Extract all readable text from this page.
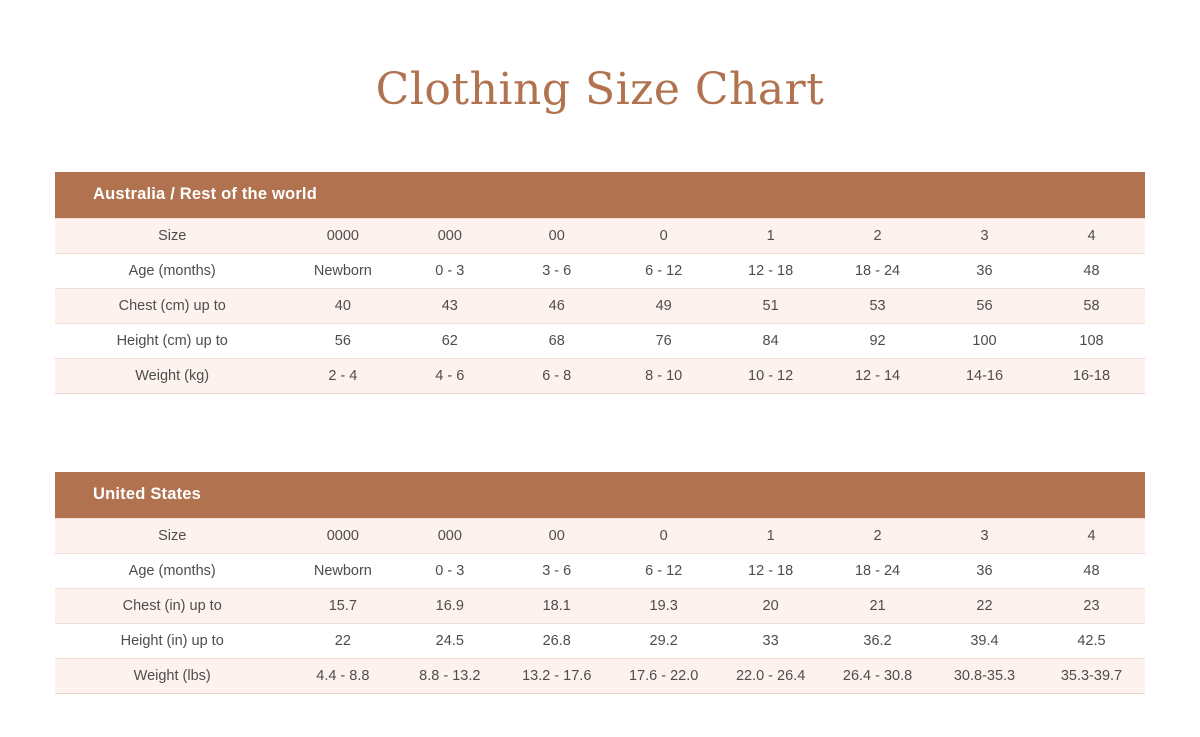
Clothing Size Chart
Australia / Rest of the world								
Size	0000	000	00	0	1	2	3	4
Age (months)	Newborn	0 - 3	3 - 6	6 - 12	12 - 18	18 - 24	36	48
Chest (cm) up to	40	43	46	49	51	53	56	58
Height (cm) up to	56	62	68	76	84	92	100	108
Weight (kg)	2 - 4	4 - 6	6 - 8	8 - 10	10 - 12	12 - 14	14-16	16-18
United States								
Size	0000	000	00	0	1	2	3	4
Age (months)	Newborn	0 - 3	3 - 6	6 - 12	12 - 18	18 - 24	36	48
Chest (in) up to	15.7	16.9	18.1	19.3	20	21	22	23
Height (in) up to	22	24.5	26.8	29.2	33	36.2	39.4	42.5
Weight (lbs)	4.4 - 8.8	8.8 - 13.2	13.2 - 17.6	17.6 - 22.0	22.0 - 26.4	26.4 - 30.8	30.8-35.3	35.3-39.7
